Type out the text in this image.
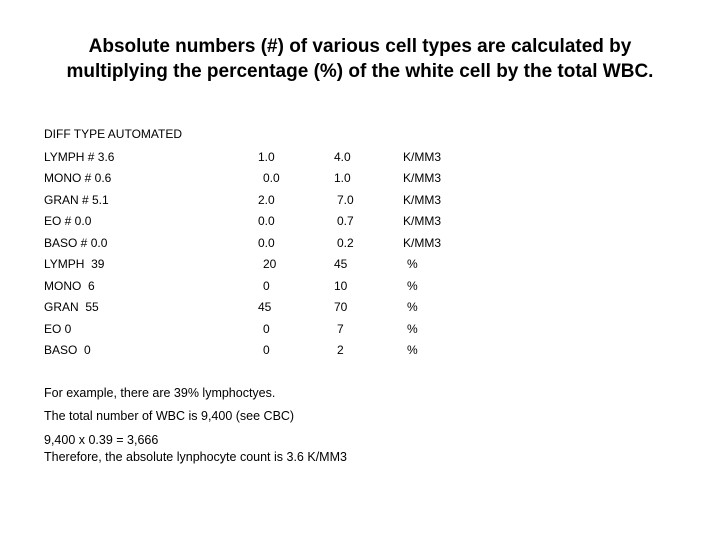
Absolute numbers (#) of various cell types are calculated by
multiplying the percentage (%) of the white cell by the total WBC.
DIFF TYPE AUTOMATED
LYMPH # 3.6	1.0	4.0	K/MM3
MONO # 0.6	0.0	1.0	K/MM3
GRAN # 5.1	2.0	7.0	K/MM3
EO # 0.0	0.0	0.7	K/MM3
BASO # 0.0	0.0	0.2	K/MM3
LYMPH  39	20	45	%
MONO  6	0	10	%
GRAN  55	45	70	%
EO 0	0	7	%
BASO  0	0	2	%
For example, there are 39% lymphoctyes.
The total number of WBC is 9,400 (see CBC)
9,400 x 0.39 = 3,666
Therefore, the absolute lynphocyte count is 3.6 K/MM3
